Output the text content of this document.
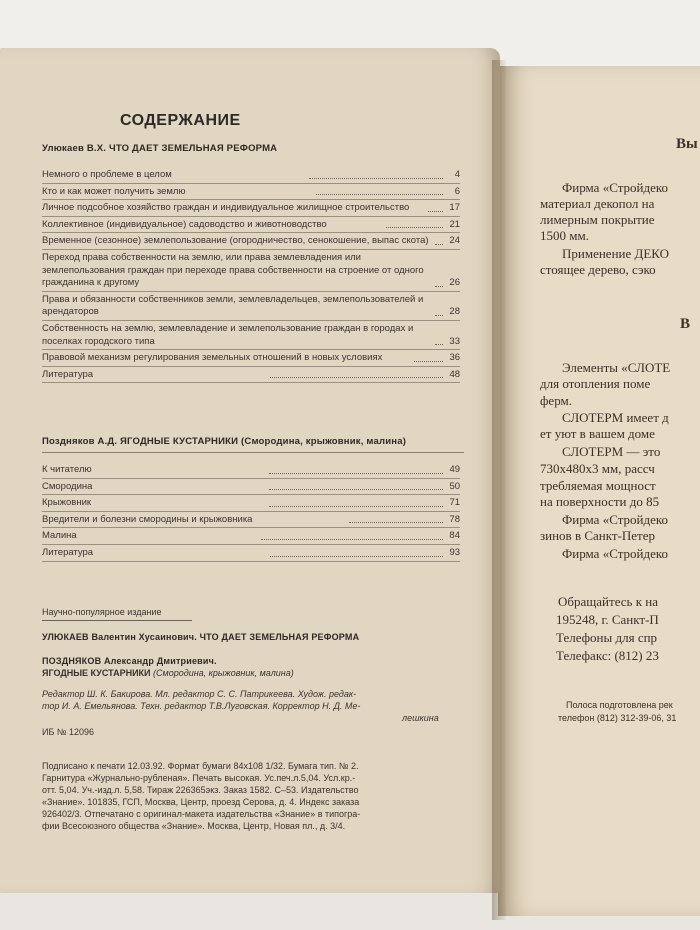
СОДЕРЖАНИЕ
Улюкаев В.Х. ЧТО ДАЕТ ЗЕМЕЛЬНАЯ РЕФОРМА
Немного о проблеме в целом	4
Кто и как может получить землю	6
Личное подсобное хозяйство граждан и индивидуальное жилищное строительство	17
Коллективное (индивидуальное) садоводство и животноводство	21
Временное (сезонное) землепользование (огородничество, сенокошение, выпас скота)	24
Переход права собственности на землю, или права землевладения или землепользования граждан при переходе права собственности на строение от одного гражданина к другому	26
Права и обязанности собственников земли, землевладельцев, землепользователей и арендаторов	28
Собственность на землю, землевладение и землепользование граждан в городах и поселках городского типа	33
Правовой механизм регулирования земельных отношений в новых условиях	36
Литература	48
Поздняков А.Д. ЯГОДНЫЕ КУСТАРНИКИ (Смородина, крыжовник, малина)
К читателю	49
Смородина	50
Крыжовник	71
Вредители и болезни смородины и крыжовника	78
Малина	84
Литература	93
Научно-популярное издание
УЛЮКАЕВ Валентин Хусаинович. ЧТО ДАЕТ ЗЕМЕЛЬНАЯ РЕФОРМА
ПОЗДНЯКОВ Александр Дмитриевич.
ЯГОДНЫЕ КУСТАРНИКИ (Смородина, крыжовник, малина)
Редактор Ш. К. Бакирова. Мл. редактор С. С. Патрикеева. Худож. редак-
тор И. А. Емельянова. Техн. редактор Т.В.Луговская. Корректор Н. Д. Ме-
лешкина
ИБ № 12096
Подписано к печати 12.03.92. Формат бумаги 84х108 1/32. Бумага тип. № 2.
Гарнитура «Журнально-рубленая». Печать высокая. Ус.печ.л.5,04. Усл.кр.-
отт. 5,04. Уч.-изд.л. 5,58. Тираж 226365экз. Заказ 1582. С–53. Издательство
«Знание». 101835, ГСП, Москва, Центр, проезд Серова, д. 4. Индекс заказа
926402/3. Отпечатано с оригинал-макета издательства «Знание» в типогра-
фии Всесоюзного общества «Знание». Москва, Центр, Новая пл., д. 3/4.
Вы
Фирма «Стройдеко
материал декопол на
лимерным покрытие
1500 мм.
Применение ДЕКО
стоящее дерево, сэко
В
Элементы «СЛОТЕ
для отопления поме
ферм.
СЛОТЕРМ имеет д
ет уют в вашем доме
СЛОТЕРМ — это
730х480х3 мм, рассч
требляемая мощност
на поверхности до 85
Фирма «Стройдеко
зинов в Санкт-Петер
Фирма «Стройдеко
Обращайтесь к на
195248, г. Санкт-П
Телефоны для спр
Телефакс: (812) 23
Полоса подготовлена рек
телефон (812) 312-39-06, 31
